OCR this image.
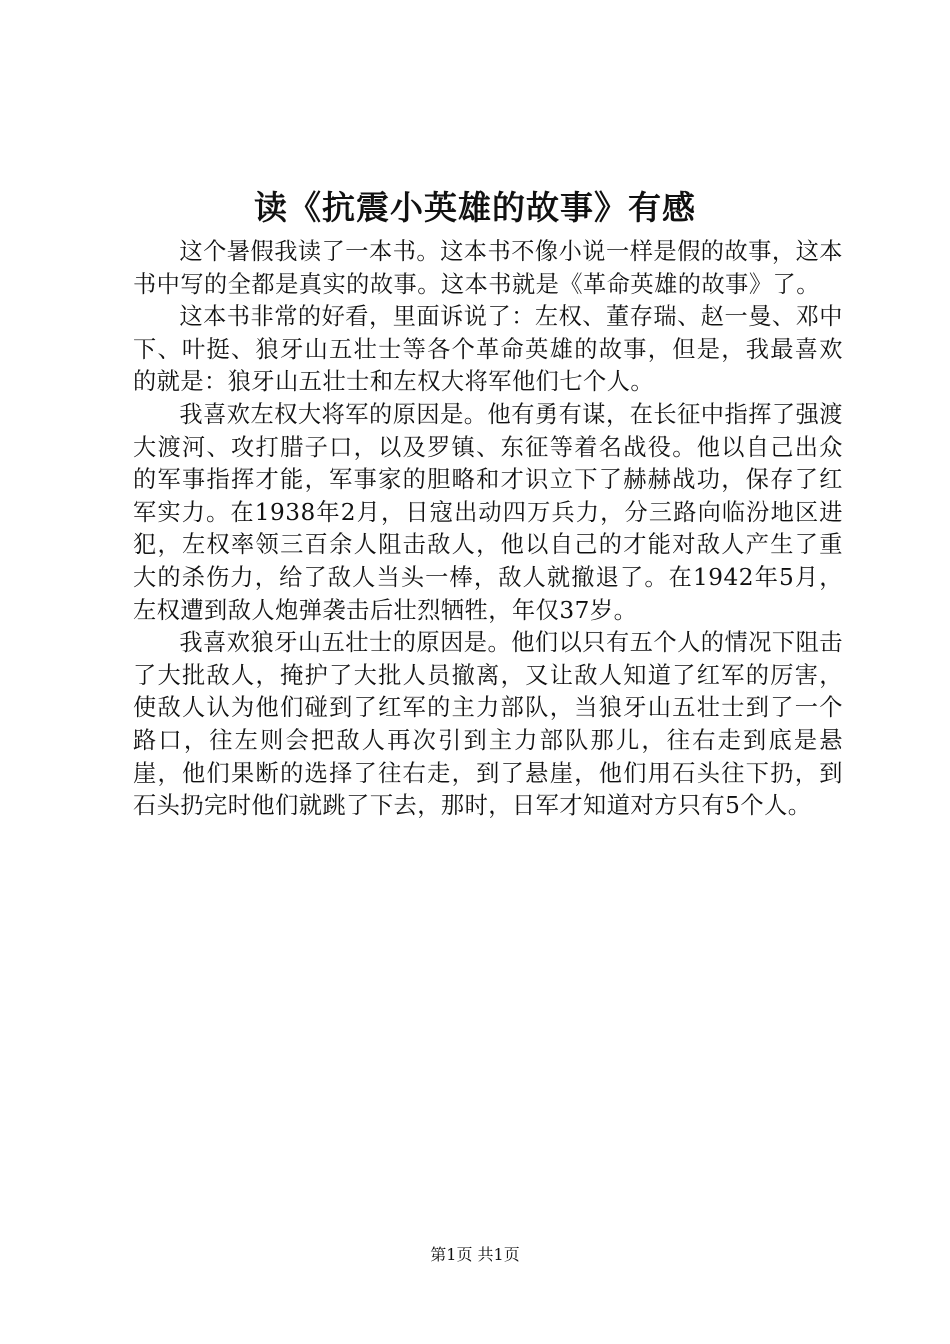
读《抗震小英雄的故事》有感

这个暑假我读了一本书。这本书不像小说一样是假的故事，这本书中写的全都是真实的故事。这本书就是《革命英雄的故事》了。

这本书非常的好看，里面诉说了：左权、董存瑞、赵一曼、邓中下、叶挺、狼牙山五壮士等各个革命英雄的故事，但是，我最喜欢的就是：狼牙山五壮士和左权大将军他们七个人。

我喜欢左权大将军的原因是。他有勇有谋，在长征中指挥了强渡大渡河、攻打腊子口，以及罗镇、东征等着名战役。他以自己出众的军事指挥才能，军事家的胆略和才识立下了赫赫战功，保存了红军实力。在1938年2月，日寇出动四万兵力，分三路向临汾地区进犯，左权率领三百余人阻击敌人，他以自己的才能对敌人产生了重大的杀伤力，给了敌人当头一棒，敌人就撤退了。在1942年5月，左权遭到敌人炮弹袭击后壮烈牺牲，年仅37岁。

我喜欢狼牙山五壮士的原因是。他们以只有五个人的情况下阻击了大批敌人，掩护了大批人员撤离，又让敌人知道了红军的厉害，使敌人认为他们碰到了红军的主力部队，当狼牙山五壮士到了一个路口，往左则会把敌人再次引到主力部队那儿，往右走到底是悬崖，他们果断的选择了往右走，到了悬崖，他们用石头往下扔，到石头扔完时他们就跳了下去，那时，日军才知道对方只有5个人。

第1页 共1页
